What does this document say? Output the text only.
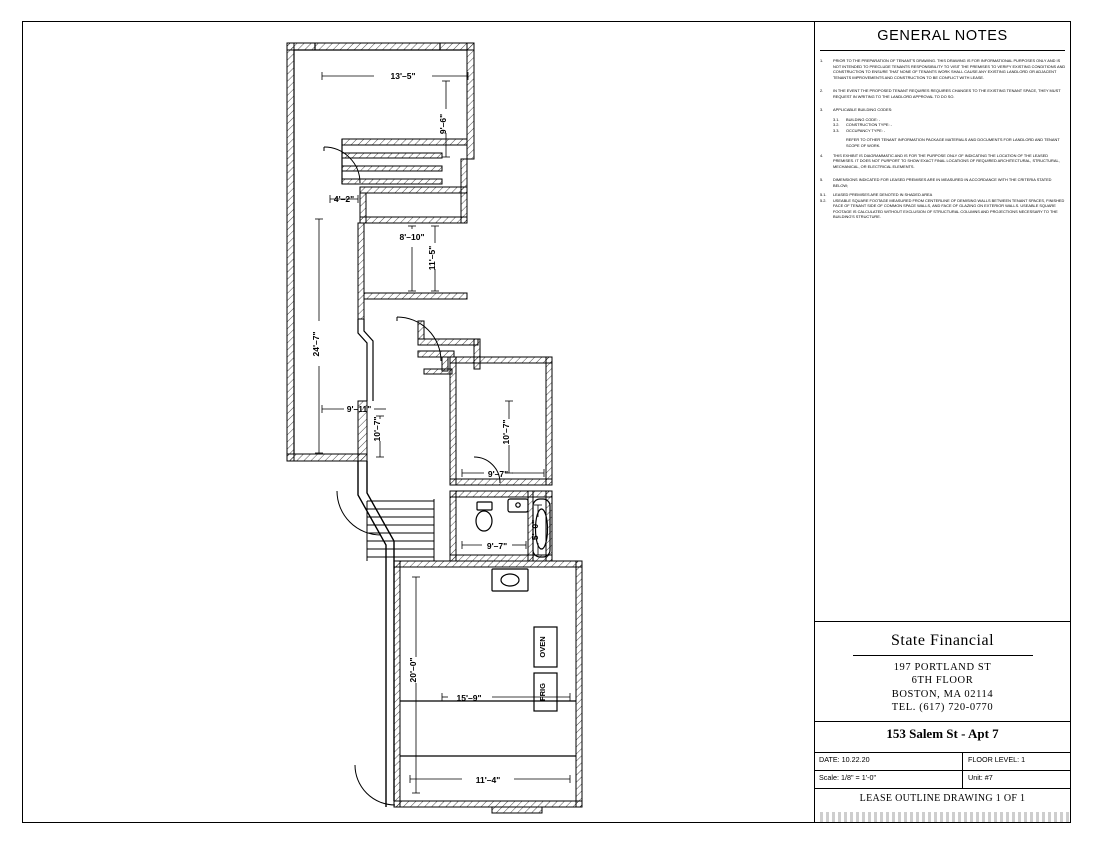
13'–5"
9'–6"
4'–2"
8'–10"
11'–5"
24'–7"
9'–11"
10'–7"	10'–7"
9'–7"
9'–7"
5'–0"
20'–0"
15'–9"
11'–4"
OVEN
FRIG
GENERAL NOTES
1.	PRIOR TO THE PREPARATION OF TENANT'S DRAWING. THIS DRAWING IS FOR INFORMATIONAL PURPOSES ONLY AND IS NOT INTENDED TO PRECLUDE TENANTS RESPONSIBILITY TO VISIT THE PREMISES TO VERIFY EXISTING CONDITIONS AND CONSTRUCTION TO ENSURE THAT NONE OF TENANTS WORK SHALL CAUSE ANY EXISTING LANDLORD OR ADJACENT TENANTS IMPROVEMENTS AND CONSTRUCTION TO BE CONFLICT WITH LEASE.
2.	IN THE EVENT THE PROPOSED TENANT REQUIRES REQUIRES CHANGES TO THE EXISTING TENANT SPACE, THEY MUST REQUEST IN WRITING TO THE LANDLORD APPROVAL TO DO SO.
3.	APPLICABLE BUILDING CODES:
3.1.	BUILDING CODE: -
3.2.	CONSTRUCTION TYPE: -
3.3.	OCCUPANCY TYPE: -
REFER TO OTHER TENANT INFORMATION PACKAGE MATERIALS AND DOCUMENTS FOR LANDLORD AND TENANT SCOPE OF WORK.
4.	THIS EXHIBIT IS DIAGRAMMATIC AND IS FOR THE PURPOSE ONLY OF INDICATING THE LOCATION OF THE LEASED PREMISES. IT DOES NOT PURPORT TO SHOW EXACT FINAL LOCATIONS OF REQUIRED ARCHITECTURAL, STRUCTURAL, MECHANICAL, OR ELECTRICAL ELEMENTS.
5.	DIMENSIONS INDICATED FOR LEASED PREMISES ARE IN MEASURED IN ACCORDANCE WITH THE CRITERIA STATED BELOW;
5.1.	LEASED PREMISES ARE DENOTED IN SHADED AREA
5.2.	USEABLE SQUARE FOOTAGE MEASURED FROM CENTERLINE OF DEMISING WALLS BETWEEN TENANT SPACES, FINISHED FACE OF TENANT SIDE OF COMMON SPACE WALLS, AND FACE OF GLAZING ON EXTERIOR WALLS. USEABLE SQUARE FOOTAGE IS CALCULATED WITHOUT EXCLUSION OF STRUCTURAL COLUMNS AND PROJECTIONS NECESSARY TO THE BUILDING'S STRUCTURE.
State Financial
197 PORTLAND ST
6TH FLOOR
BOSTON, MA 02114
TEL. (617) 720-0770
153 Salem St - Apt 7
DATE: 10.22.20	FLOOR LEVEL: 1
Scale: 1/8" = 1'-0"	Unit: #7
LEASE OUTLINE DRAWING 1 OF 1
